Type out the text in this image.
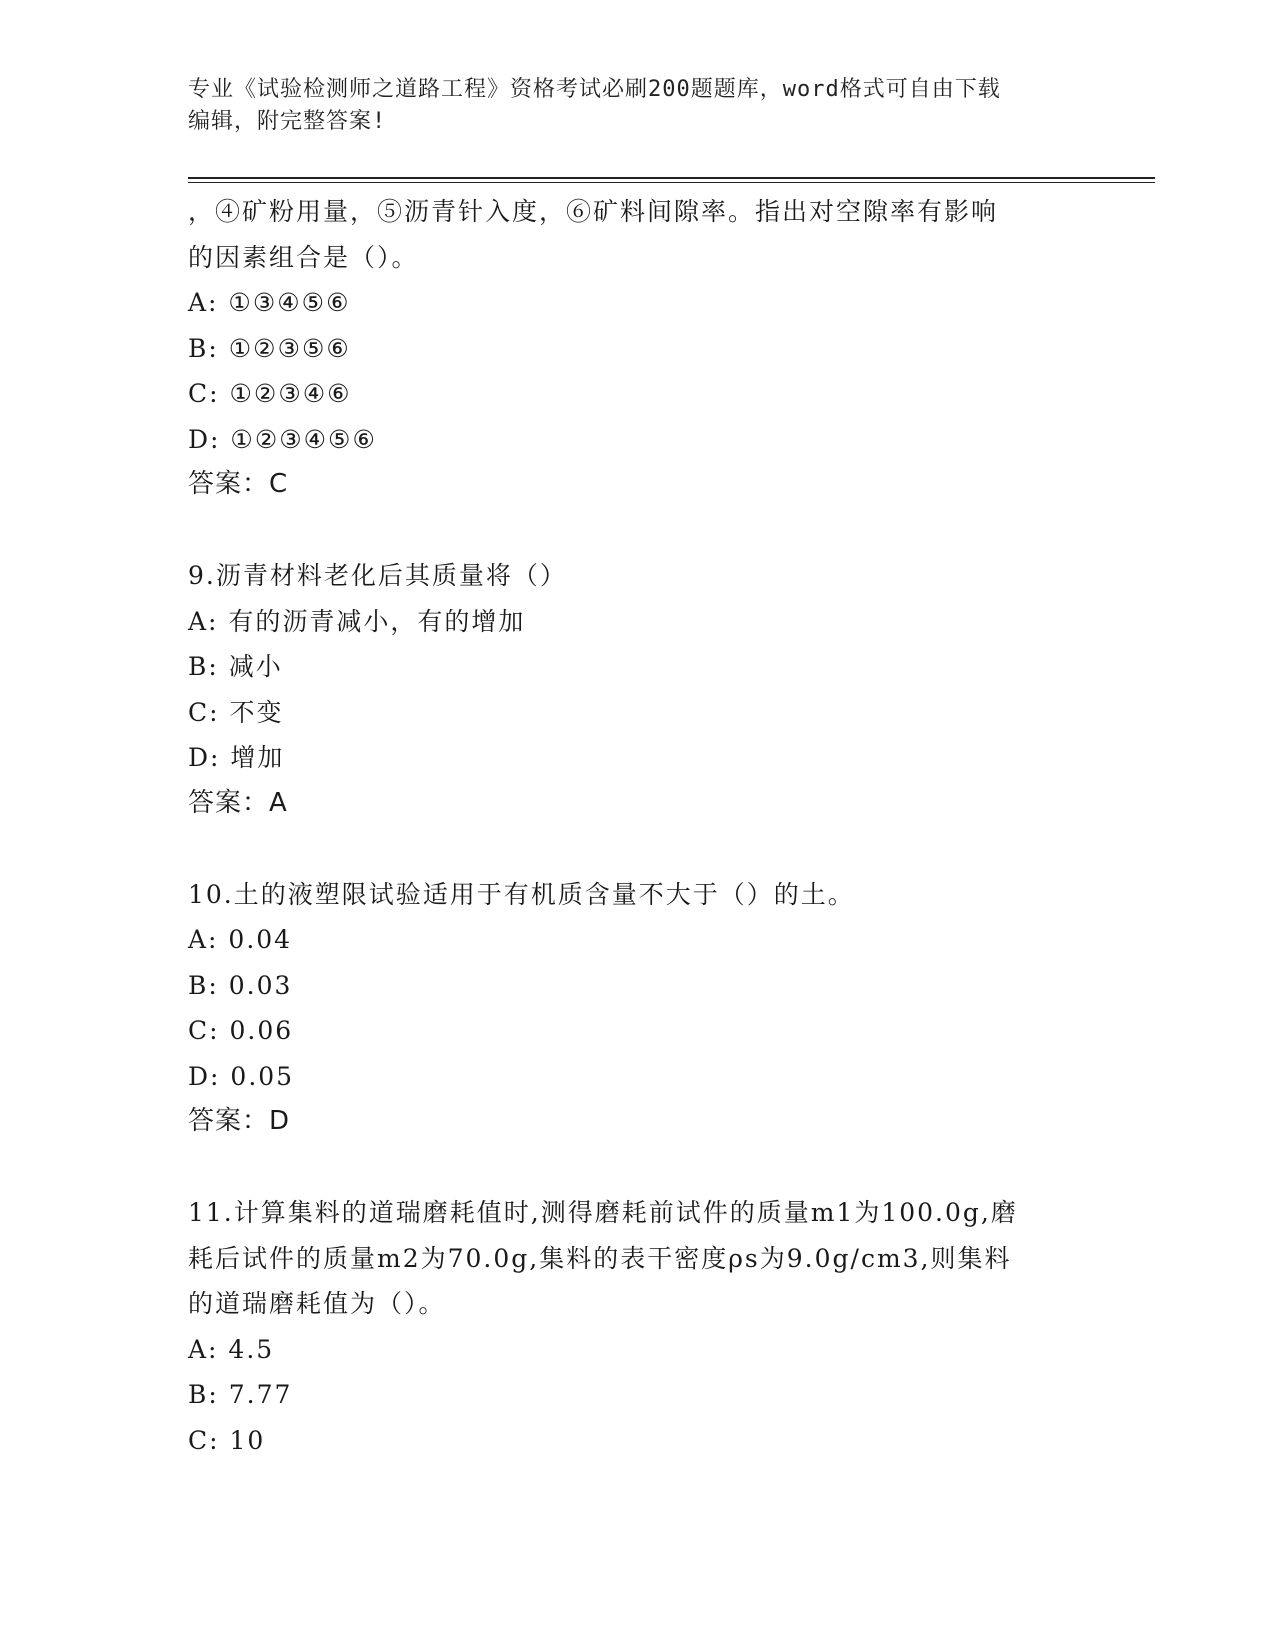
专业《试验检测师之道路工程》资格考试必刷200题题库，word格式可自由下载
编辑，附完整答案!
，④矿粉用量，⑤沥青针入度，⑥矿料间隙率。指出对空隙率有影响
的因素组合是（）。
A: ①③④⑤⑥
B: ①②③⑤⑥
C: ①②③④⑥
D: ①②③④⑤⑥
答案：C
9.沥青材料老化后其质量将（）
A: 有的沥青减小，有的增加
B: 减小
C: 不变
D: 增加
答案：A
10.土的液塑限试验适用于有机质含量不大于（）的土。
A: 0.04
B: 0.03
C: 0.06
D: 0.05
答案：D
11.计算集料的道瑞磨耗值时,测得磨耗前试件的质量m1为100.0g,磨
耗后试件的质量m2为70.0g,集料的表干密度ρs为9.0g/cm3,则集料
的道瑞磨耗值为（）。
A: 4.5
B: 7.77
C: 10
